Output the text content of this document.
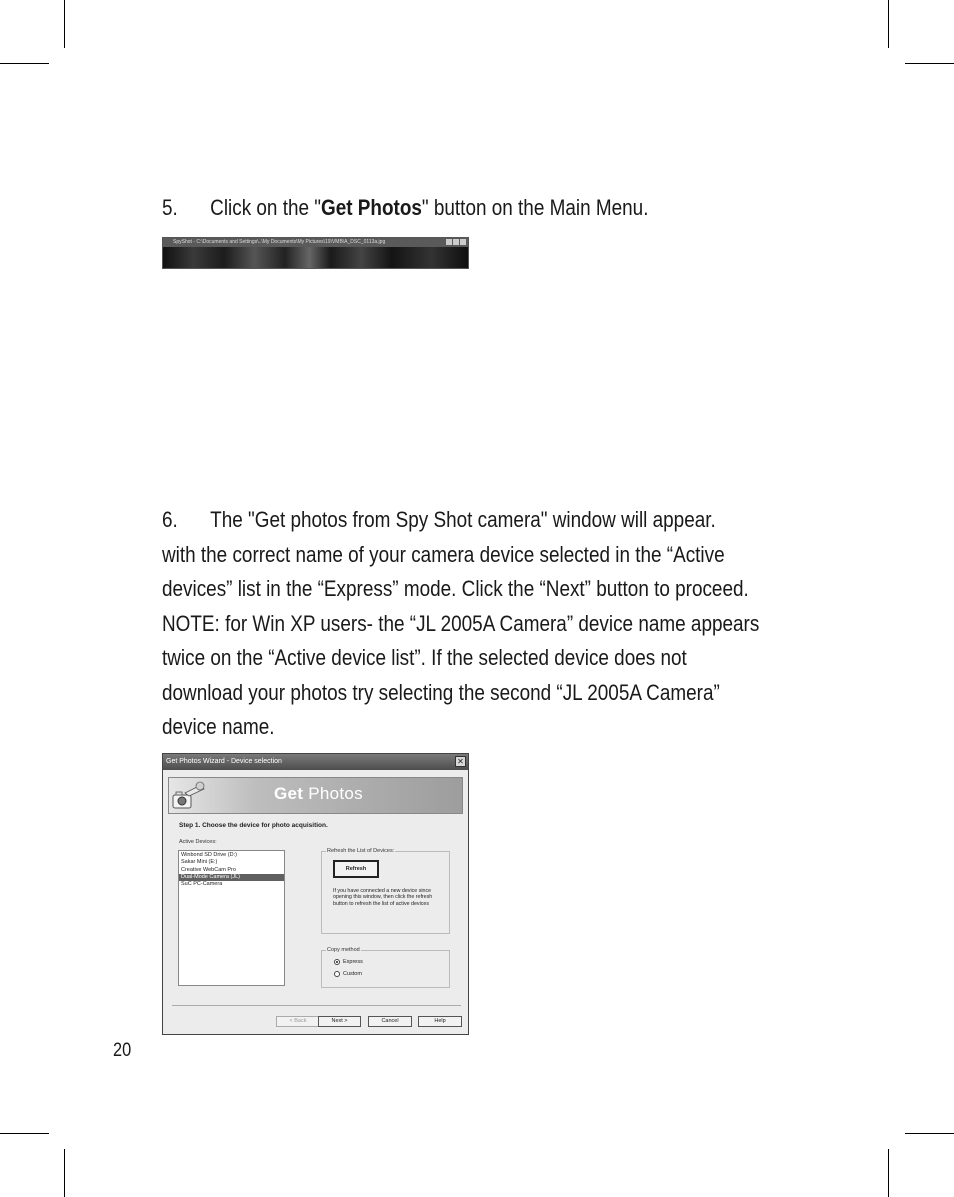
5. Click on the "Get Photos" button on the Main Menu.
SpyShot - C:\Documents and Settings\..\My Documents\My Pictures\19\VMB\A_DSC_0113a.jpg
6. The "Get photos from Spy Shot camera" window will appear.
with the correct name of your camera device selected in the “Active
devices” list in the “Express” mode. Click the “Next” button to proceed.
NOTE: for Win XP users- the “JL 2005A Camera” device name appears
twice on the “Active device list”. If the selected device does not
download your photos try selecting the second “JL 2005A Camera”
device name.
Get Photos Wizard - Device selection	✕
Get Photos
Step 1. Choose the device for photo acquisition.
Active Devices:
Winbond SD Drive (D:)
Sakar Mini (E:)
Creative WebCam Pro
Dual-Mode Camera (JL)
SuC PC-Camera
Refresh the List of Devices:
Refresh
If you have connected a new device since opening this window, then click the refresh button to refresh the list of active devices
Copy method
Express
Custom
< Back	Next >	Cancel	Help
20
